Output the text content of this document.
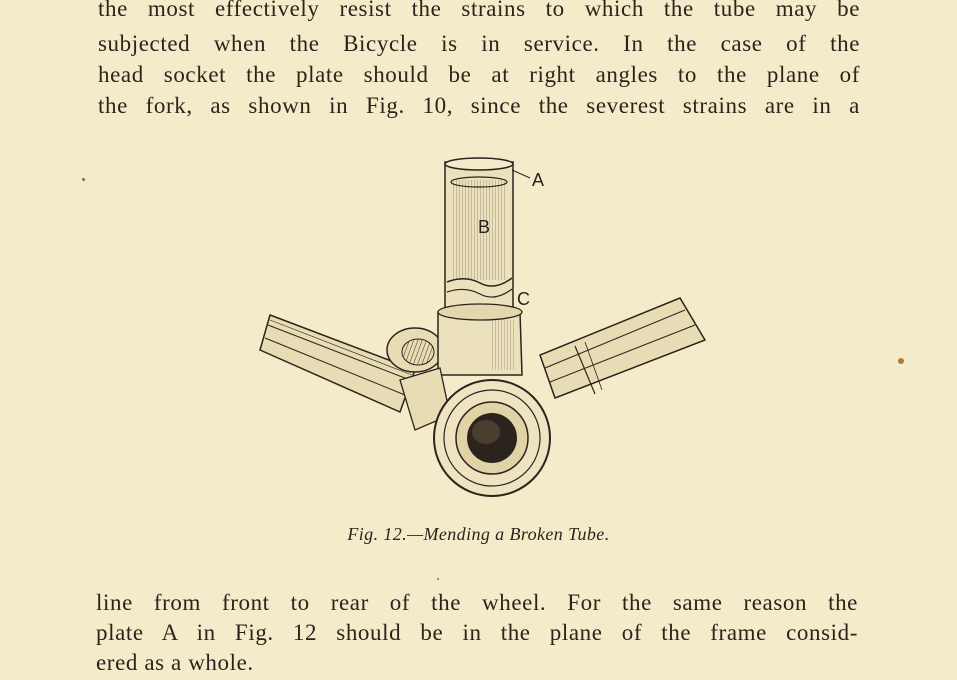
the most effectively resist the strains to which the tube may be
subjected when the Bicycle is in service. In the case of the
head socket the plate should be at right angles to the plane of
the fork, as shown in Fig. 10, since the severest strains are in a
A
B
C
Fig. 12.—Mending a Broken Tube.
line from front to rear of the wheel. For the same reason the
plate A in Fig. 12 should be in the plane of the frame consid-
ered as a whole.
